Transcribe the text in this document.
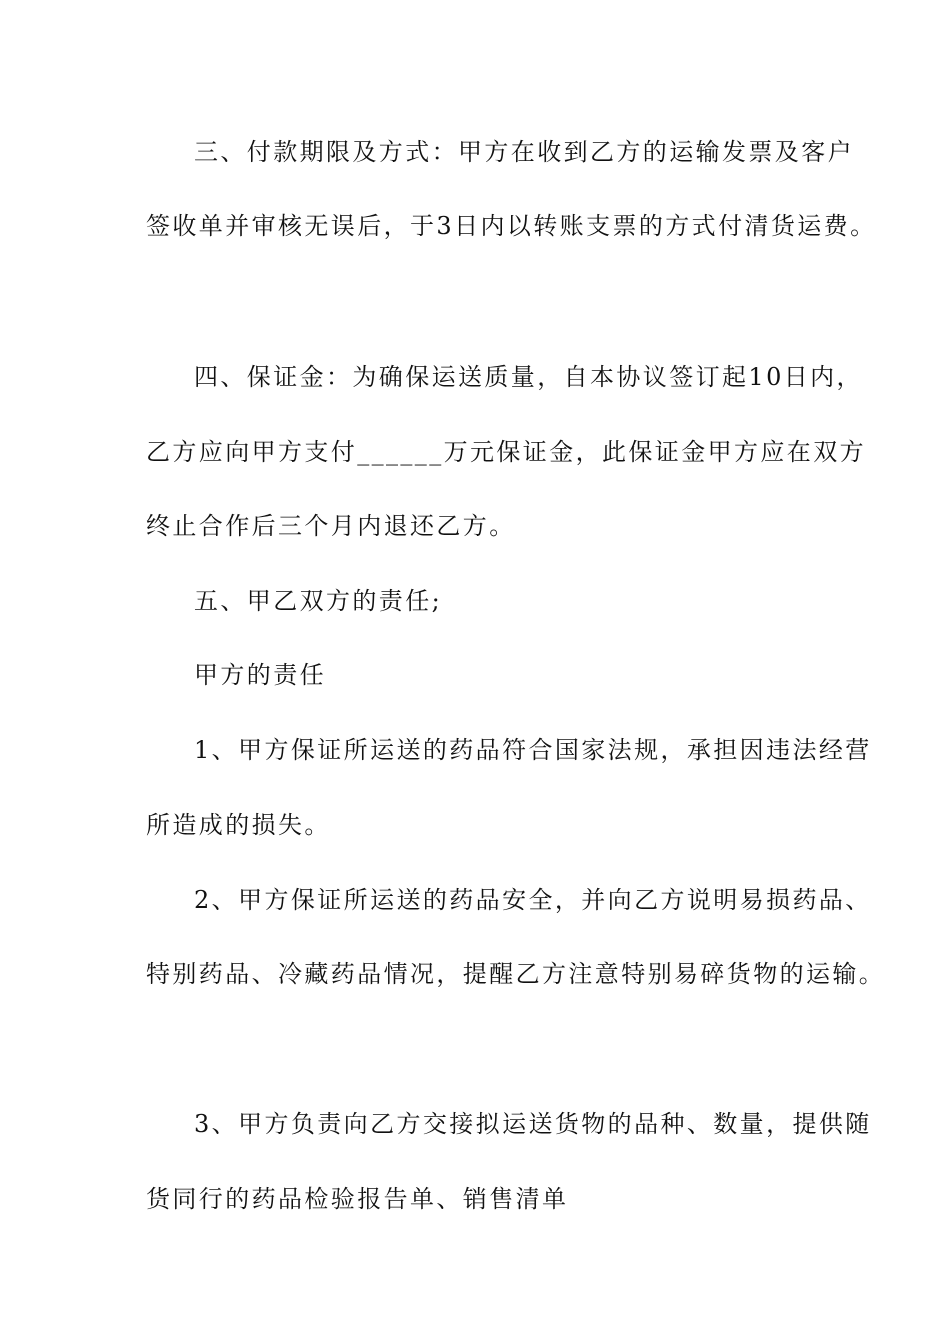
三、付款期限及方式：甲方在收到乙方的运输发票及客户
签收单并审核无误后，于3日内以转账支票的方式付清货运费。
四、保证金：为确保运送质量，自本协议签订起10日内，
乙方应向甲方支付______万元保证金，此保证金甲方应在双方
终止合作后三个月内退还乙方。
五、甲乙双方的责任;
甲方的责任
1、甲方保证所运送的药品符合国家法规，承担因违法经营
所造成的损失。
2、甲方保证所运送的药品安全，并向乙方说明易损药品、
特别药品、冷藏药品情况，提醒乙方注意特别易碎货物的运输。
3、甲方负责向乙方交接拟运送货物的品种、数量，提供随
货同行的药品检验报告单、销售清单
